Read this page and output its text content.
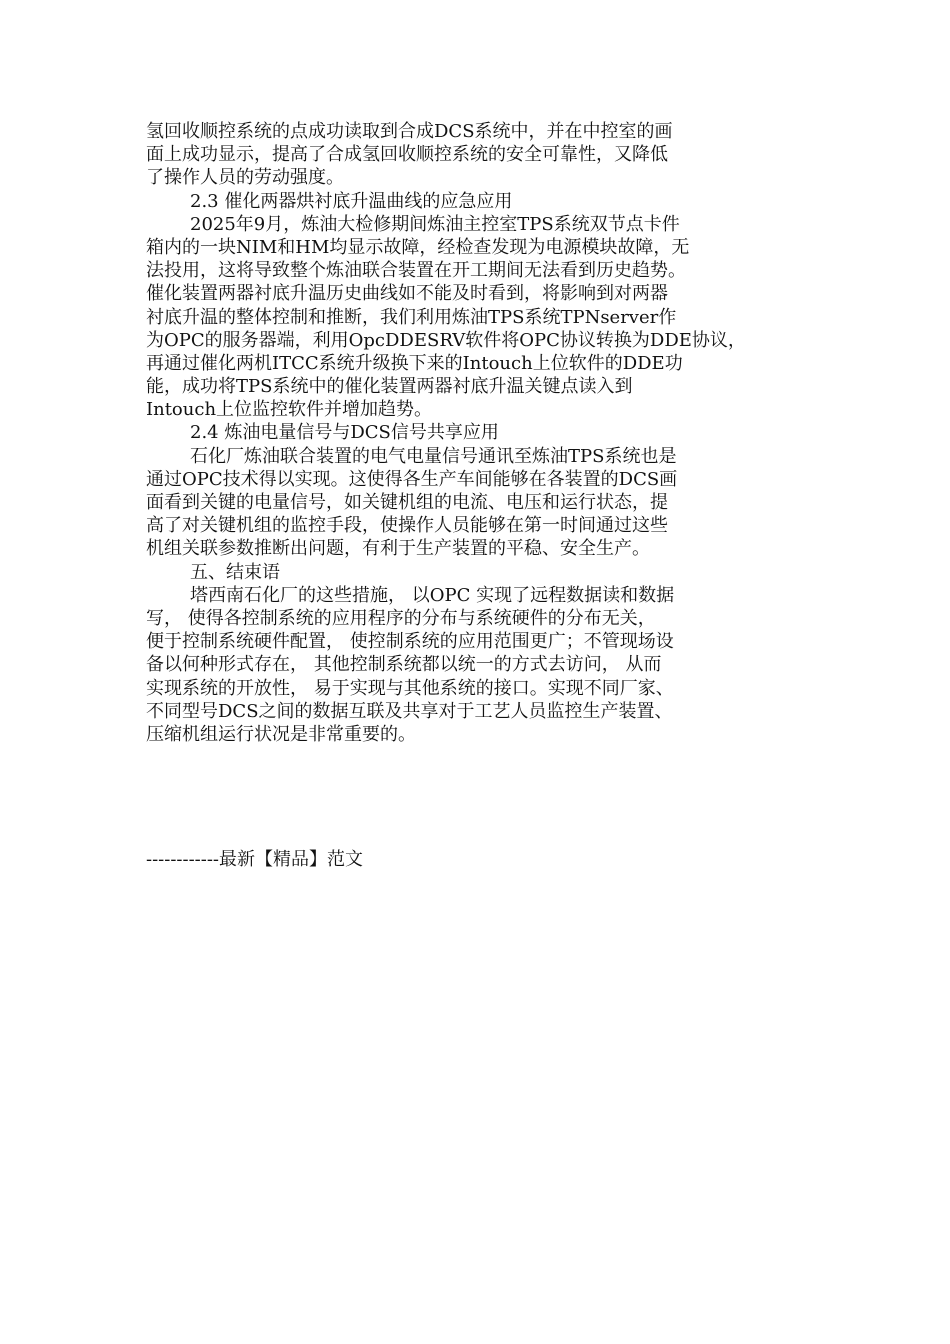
氢回收顺控系统的点成功读取到合成DCS系统中，并在中控室的画
面上成功显示，提高了合成氢回收顺控系统的安全可靠性，又降低
了操作人员的劳动强度。
2.3 催化两器烘衬底升温曲线的应急应用
2025年9月，炼油大检修期间炼油主控室TPS系统双节点卡件
箱内的一块NIM和HM均显示故障，经检查发现为电源模块故障，无
法投用，这将导致整个炼油联合装置在开工期间无法看到历史趋势。
催化装置两器衬底升温历史曲线如不能及时看到，将影响到对两器
衬底升温的整体控制和推断，我们利用炼油TPS系统TPNserver作
为OPC的服务器端，利用OpcDDESRV软件将OPC协议转换为DDE协议，
再通过催化两机ITCC系统升级换下来的Intouch上位软件的DDE功
能，成功将TPS系统中的催化装置两器衬底升温关键点读入到
Intouch上位监控软件并增加趋势。
2.4 炼油电量信号与DCS信号共享应用
石化厂炼油联合装置的电气电量信号通讯至炼油TPS系统也是
通过OPC技术得以实现。这使得各生产车间能够在各装置的DCS画
面看到关键的电量信号，如关键机组的电流、电压和运行状态，提
高了对关键机组的监控手段，使操作人员能够在第一时间通过这些
机组关联参数推断出问题，有利于生产装置的平稳、安全生产。
五、结束语
塔西南石化厂的这些措施， 以OPC 实现了远程数据读和数据
写， 使得各控制系统的应用程序的分布与系统硬件的分布无关，
便于控制系统硬件配置， 使控制系统的应用范围更广；不管现场设
备以何种形式存在， 其他控制系统都以统一的方式去访问， 从而
实现系统的开放性， 易于实现与其他系统的接口。实现不同厂家、
不同型号DCS之间的数据互联及共享对于工艺人员监控生产装置、
压缩机组运行状况是非常重要的。
------------最新【精品】范文
